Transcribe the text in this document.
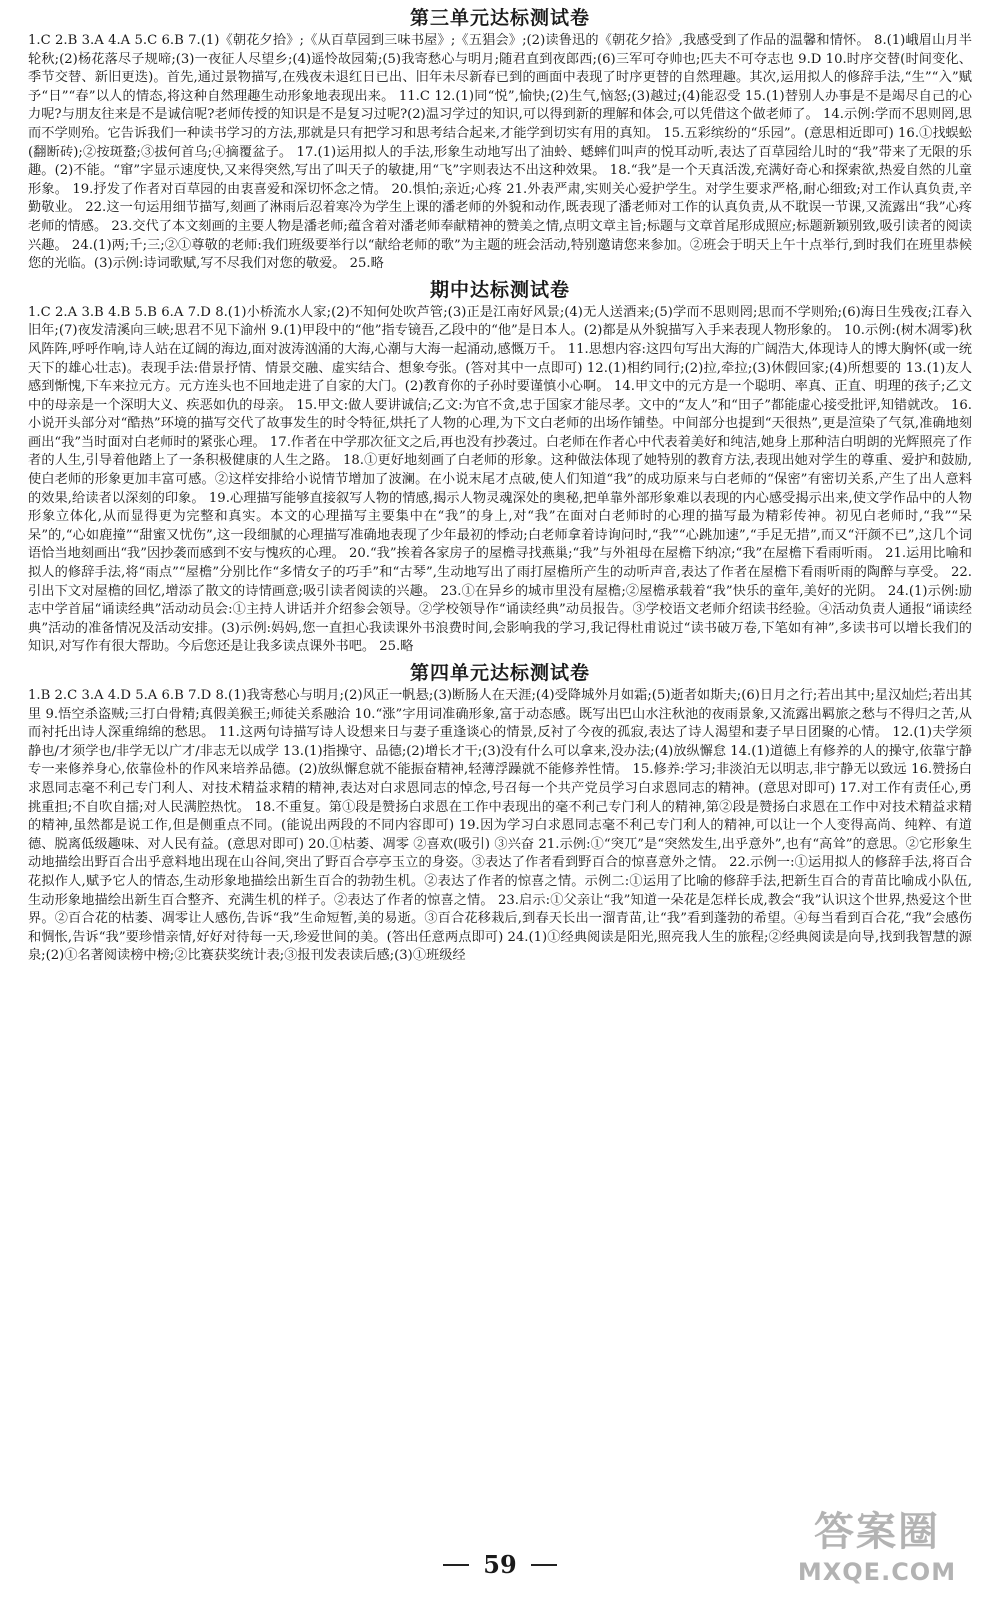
第三单元达标测试卷
1.C 2.B 3.A 4.A 5.C 6.B 7.(1)《朝花夕拾》;《从百草园到三味书屋》;《五猖会》;(2)读鲁迅的《朝花夕拾》,我感受到了作品的温馨和情怀。 8.(1)峨眉山月半轮秋;(2)杨花落尽子规啼;(3)一夜征人尽望乡;(4)遥怜故园菊;(5)我寄愁心与明月;随君直到夜郎西;(6)三军可夺帅也;匹夫不可夺志也 9.D 10.时序交替(时间变化、季节交替、新旧更迭)。首先,通过景物描写,在残夜未退红日已出、旧年未尽新春已到的画面中表现了时序更替的自然理趣。其次,运用拟人的修辞手法,“生”“入”赋予“日”“春”以人的情态,将这种自然理趣生动形象地表现出来。 11.C 12.(1)同“悦”,愉快;(2)生气,恼怒;(3)越过;(4)能忍受 15.(1)替别人办事是不是竭尽自己的心力呢?与朋友往来是不是诚信呢?老师传授的知识是不是复习过呢?(2)温习学过的知识,可以得到新的理解和体会,可以凭借这个做老师了。 14.示例:学而不思则罔,思而不学则殆。它告诉我们一种读书学习的方法,那就是只有把学习和思考结合起来,才能学到切实有用的真知。 15.五彩缤纷的“乐园”。(意思相近即可) 16.①找蜈蚣(翻断砖);②按斑蝥;③拔何首乌;④摘覆盆子。 17.(1)运用拟人的手法,形象生动地写出了油蛉、蟋蟀们叫声的悦耳动听,表达了百草园给儿时的“我”带来了无限的乐趣。(2)不能。“窜”字显示速度快,又来得突然,写出了叫天子的敏捷,用“飞”字则表达不出这种效果。 18.“我”是一个天真活泼,充满好奇心和探索欲,热爱自然的儿童形象。 19.抒发了作者对百草园的由衷喜爱和深切怀念之情。 20.惧怕;亲近;心疼 21.外表严肃,实则关心爱护学生。对学生要求严格,耐心细致;对工作认真负责,辛勤敬业。 22.这一句运用细节描写,刻画了淋雨后忍着寒冷为学生上课的潘老师的外貌和动作,既表现了潘老师对工作的认真负责,从不耽误一节课,又流露出“我”心疼老师的情感。 23.交代了本文刻画的主要人物是潘老师;蕴含着对潘老师奉献精神的赞美之情,点明文章主旨;标题与文章首尾形成照应;标题新颖别致,吸引读者的阅读兴趣。 24.(1)两;千;三;②①尊敬的老师:我们班级要举行以“献给老师的歌”为主题的班会活动,特别邀请您来参加。②班会于明天上午十点举行,到时我们在班里恭候您的光临。(3)示例:诗词歌赋,写不尽我们对您的敬爱。 25.略
期中达标测试卷
1.C 2.A 3.B 4.B 5.B 6.A 7.D 8.(1)小桥流水人家;(2)不知何处吹芦管;(3)正是江南好风景;(4)无人送酒来;(5)学而不思则罔;思而不学则殆;(6)海日生残夜;江春入旧年;(7)夜发清溪向三峡;思君不见下渝州 9.(1)甲段中的“他”指专镜吾,乙段中的“他”是日本人。(2)都是从外貌描写入手来表现人物形象的。 10.示例:(树木凋零)秋风阵阵,呼呼作响,诗人站在辽阔的海边,面对波涛汹涌的大海,心潮与大海一起涌动,感慨万千。 11.思想内容:这四句写出大海的广阔浩大,体现诗人的博大胸怀(或一统天下的雄心壮志)。表现手法:借景抒情、情景交融、虚实结合、想象夸张。(答对其中一点即可) 12.(1)相约同行;(2)拉,牵拉;(3)休假回家;(4)所想要的 13.(1)友人感到惭愧,下车来拉元方。元方连头也不回地走进了自家的大门。(2)教育你的子孙时要谨慎小心啊。 14.甲文中的元方是一个聪明、率真、正直、明理的孩子;乙文中的母亲是一个深明大义、疾恶如仇的母亲。 15.甲文:做人要讲诚信;乙文:为官不贪,忠于国家才能尽孝。文中的“友人”和“田子”都能虚心接受批评,知错就改。 16.小说开头部分对“酷热”环境的描写交代了故事发生的时令特征,烘托了人物的心理,为下文白老师的出场作铺垫。中间部分也提到“天很热”,更是渲染了气氛,准确地刻画出“我”当时面对白老师时的紧张心理。 17.作者在中学那次征文之后,再也没有抄袭过。白老师在作者心中代表着美好和纯洁,她身上那种洁白明朗的光辉照亮了作者的人生,引导着他踏上了一条积极健康的人生之路。 18.①更好地刻画了白老师的形象。这种做法体现了她特别的教育方法,表现出她对学生的尊重、爱护和鼓励,使白老师的形象更加丰富可感。②这样安排给小说情节增加了波澜。在小说末尾才点破,使人们知道“我”的成功原来与白老师的“保密”有密切关系,产生了出人意料的效果,给读者以深刻的印象。 19.心理描写能够直接叙写人物的情感,揭示人物灵魂深处的奥秘,把单靠外部形象难以表现的内心感受揭示出来,使文学作品中的人物形象立体化,从而显得更为完整和真实。本文的心理描写主要集中在“我”的身上,对“我”在面对白老师时的心理的描写最为精彩传神。初见白老师时,“我”“呆呆”的,“心如鹿撞”“甜蜜又忧伤”,这一段细腻的心理描写准确地表现了少年最初的悸动;白老师拿着诗询问时,“我”“心跳加速”,“手足无措”,而又“汗颜不已”,这几个词语恰当地刻画出“我”因抄袭而感到不安与愧疚的心理。 20.“我”挨着各家房子的屋檐寻找燕巢;“我”与外祖母在屋檐下纳凉;“我”在屋檐下看雨听雨。 21.运用比喻和拟人的修辞手法,将“雨点”“屋檐”分别比作“多情女子的巧手”和“古琴”,生动地写出了雨打屋檐所产生的动听声音,表达了作者在屋檐下看雨听雨的陶醉与享受。 22.引出下文对屋檐的回忆,增添了散文的诗情画意;吸引读者阅读的兴趣。 23.①在异乡的城市里没有屋檐;②屋檐承载着“我”快乐的童年,美好的光阴。 24.(1)示例:励志中学首届“诵读经典”活动动员会:①主持人讲话并介绍参会领导。②学校领导作“诵读经典”动员报告。③学校语文老师介绍读书经验。④活动负责人通报“诵读经典”活动的准备情况及活动安排。(3)示例:妈妈,您一直担心我读课外书浪费时间,会影响我的学习,我记得杜甫说过“读书破万卷,下笔如有神”,多读书可以增长我们的知识,对写作有很大帮助。今后您还是让我多读点课外书吧。 25.略
第四单元达标测试卷
1.B 2.C 3.A 4.D 5.A 6.B 7.D 8.(1)我寄愁心与明月;(2)风正一帆悬;(3)断肠人在天涯;(4)受降城外月如霜;(5)逝者如斯夫;(6)日月之行;若出其中;星汉灿烂;若出其里 9.悟空杀盗贼;三打白骨精;真假美猴王;师徒关系融洽 10.“涨”字用词准确形象,富于动态感。既写出巴山水注秋池的夜雨景象,又流露出羁旅之愁与不得归之苦,从而衬托出诗人深重绵绵的愁思。 11.这两句诗描写诗人设想来日与妻子重逢谈心的情景,反衬了今夜的孤寂,表达了诗人渴望和妻子早日团聚的心情。 12.(1)夫学须静也/才须学也/非学无以广才/非志无以成学 13.(1)指操守、品德;(2)增长才干;(3)没有什么可以拿来,没办法;(4)放纵懈怠 14.(1)道德上有修养的人的操守,依靠宁静专一来修养身心,依靠俭朴的作风来培养品德。(2)放纵懈怠就不能振奋精神,轻薄浮躁就不能修养性情。 15.修养:学习;非淡泊无以明志,非宁静无以致远 16.赞扬白求恩同志毫不利己专门利人、对技术精益求精的精神,表达对白求恩同志的悼念,号召每一个共产党员学习白求恩同志的精神。(意思对即可) 17.对工作有责任心,勇挑重担;不自吹自擂;对人民满腔热忱。 18.不重复。第①段是赞扬白求恩在工作中表现出的毫不利己专门利人的精神,第②段是赞扬白求恩在工作中对技术精益求精的精神,虽然都是说工作,但是侧重点不同。(能说出两段的不同内容即可) 19.因为学习白求恩同志毫不利己专门利人的精神,可以让一个人变得高尚、纯粹、有道德、脱离低级趣味、对人民有益。(意思对即可) 20.①枯萎、凋零 ②喜欢(吸引) ③兴奋 21.示例:①“突兀”是“突然发生,出乎意外”,也有“高耸”的意思。②它形象生动地描绘出野百合出乎意料地出现在山谷间,突出了野百合亭亭玉立的身姿。③表达了作者看到野百合的惊喜意外之情。 22.示例一:①运用拟人的修辞手法,将百合花拟作人,赋予它人的情态,生动形象地描绘出新生百合的勃勃生机。②表达了作者的惊喜之情。示例二:①运用了比喻的修辞手法,把新生百合的青苗比喻成小队伍,生动形象地描绘出新生百合整齐、充满生机的样子。②表达了作者的惊喜之情。 23.启示:①父亲让“我”知道一朵花是怎样长成,教会“我”认识这个世界,热爱这个世界。②百合花的枯萎、凋零让人感伤,告诉“我”生命短暂,美的易逝。③百合花移栽后,到春天长出一溜青苗,让“我”看到蓬勃的希望。④每当看到百合花,“我”会感伤和惆怅,告诉“我”要珍惜亲情,好好对待每一天,珍爱世间的美。(答出任意两点即可) 24.(1)①经典阅读是阳光,照亮我人生的旅程;②经典阅读是向导,找到我智慧的源泉;(2)①名著阅读榜中榜;②比赛获奖统计表;③报刊发表读后感;(3)①班级经
59
答案圈
MXQE.COM
